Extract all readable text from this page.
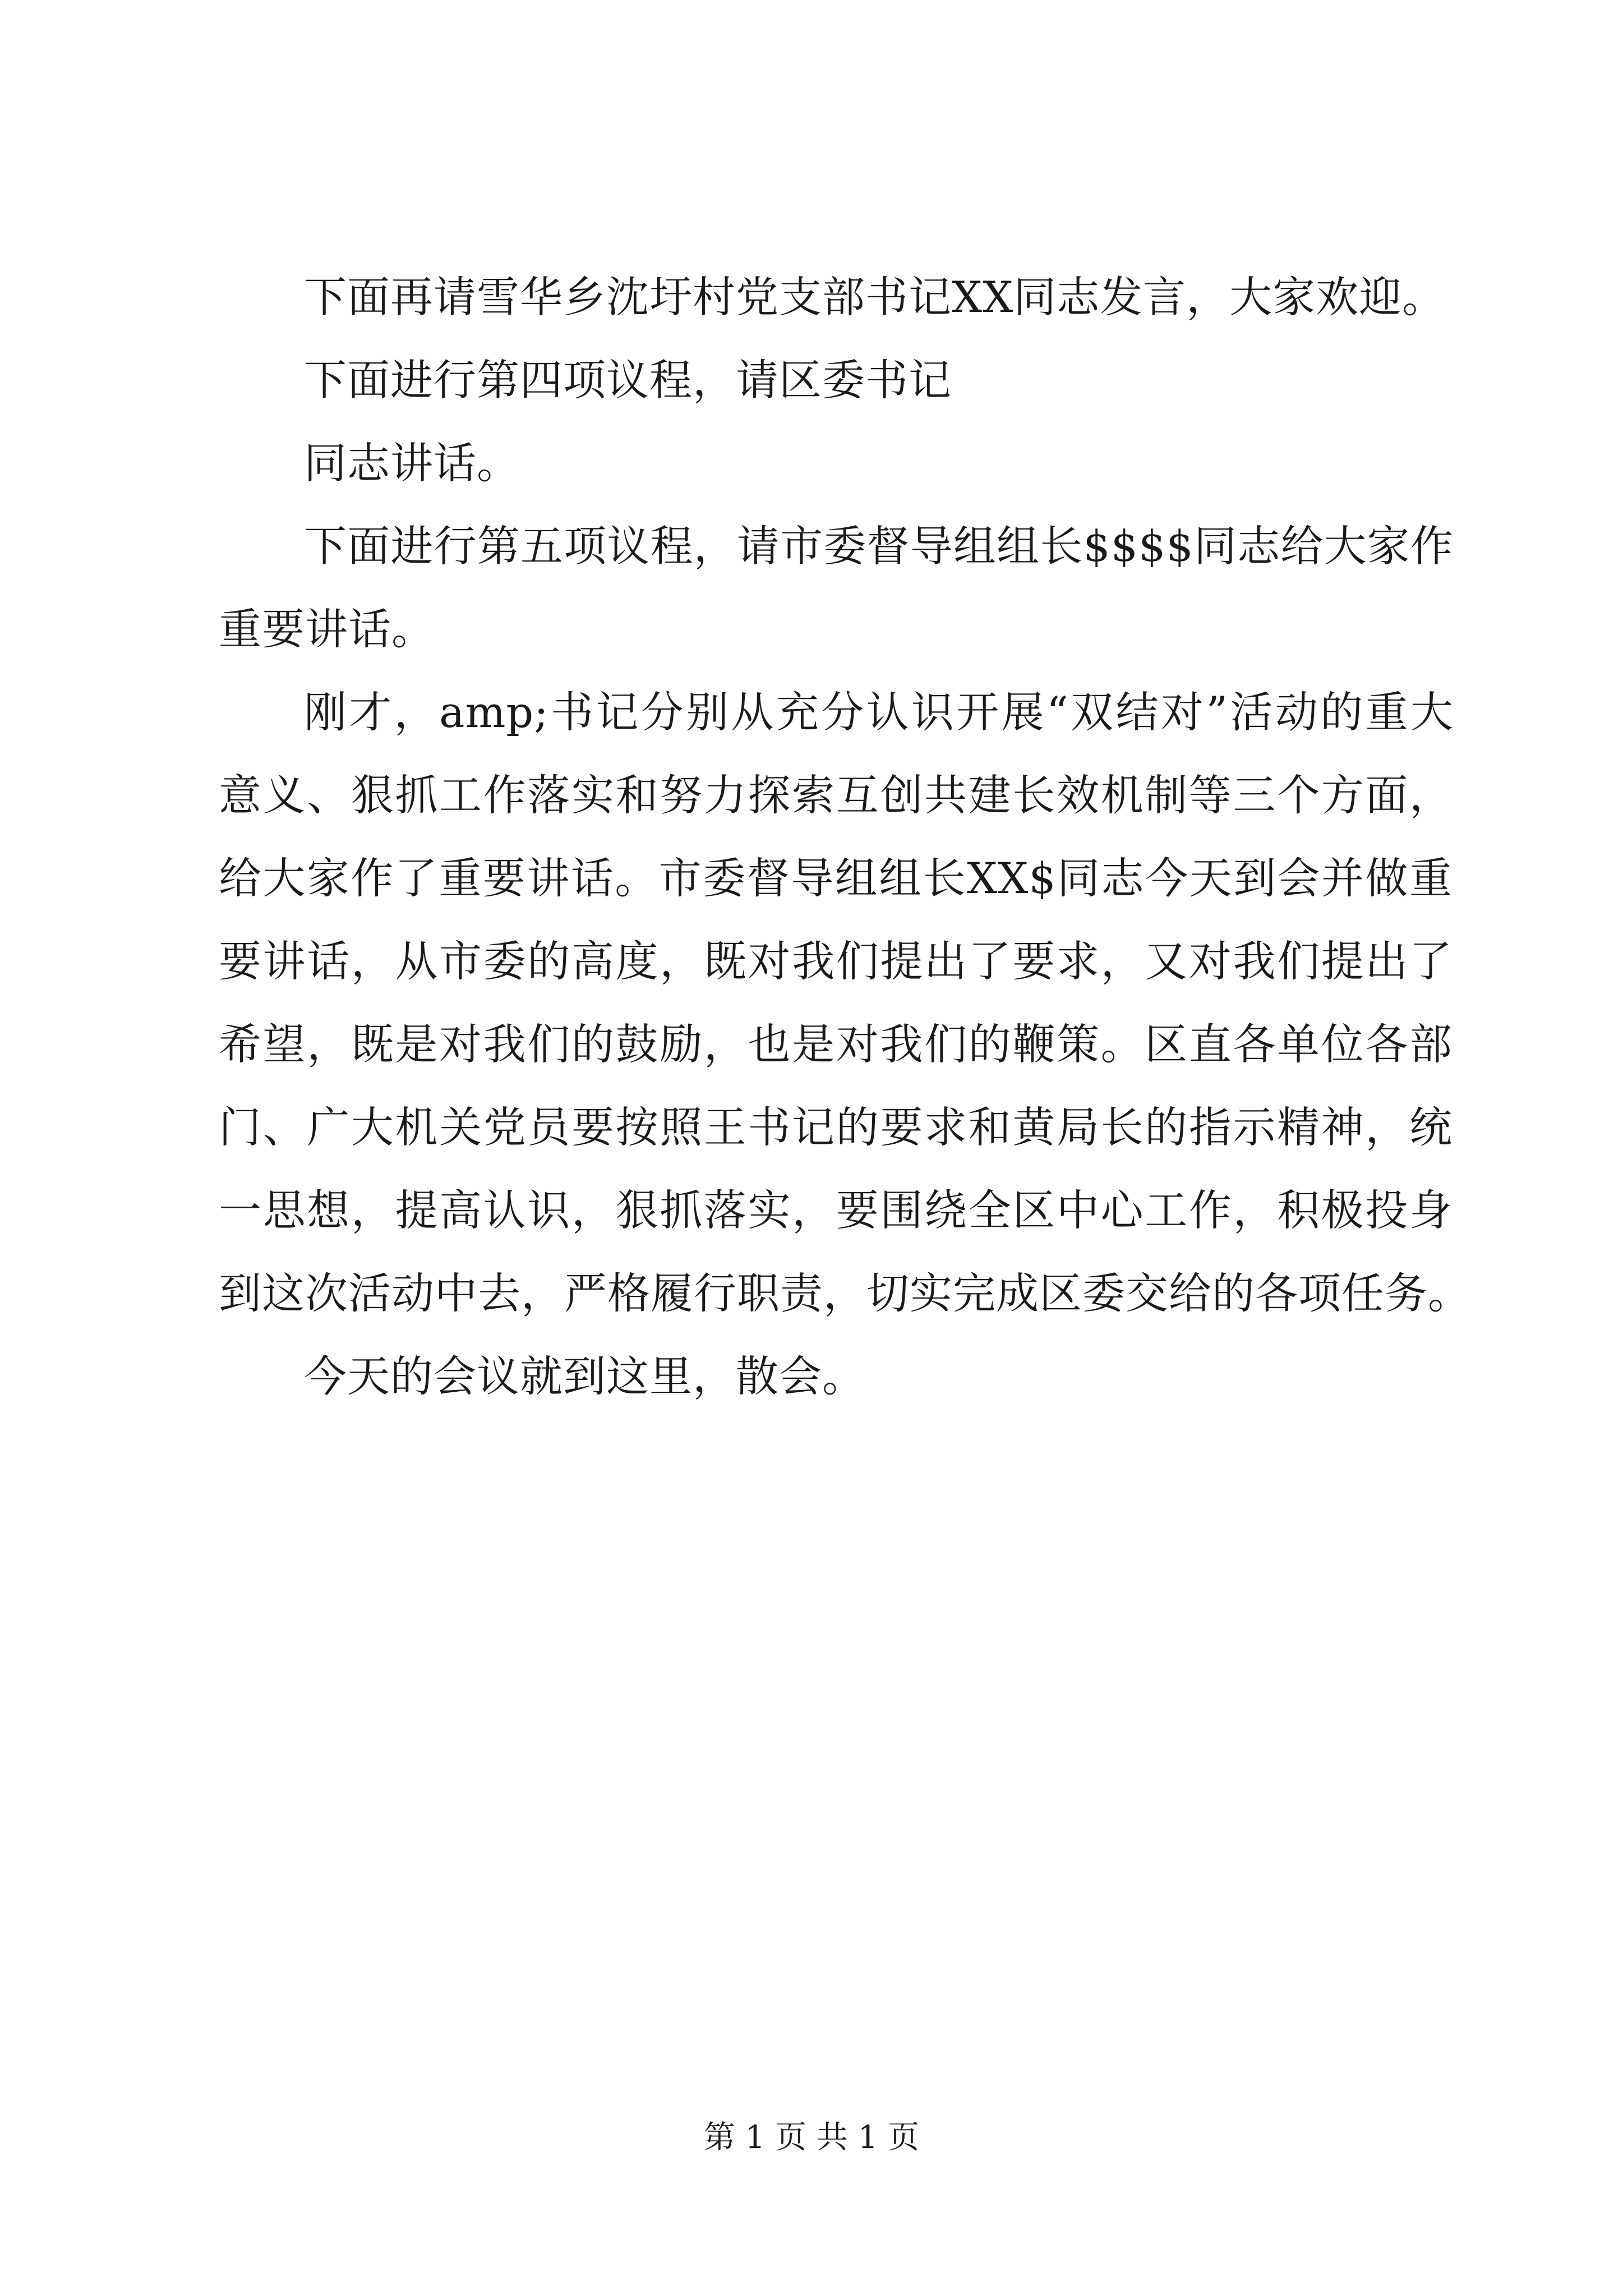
下面再请雪华乡沈圩村党支部书记XX同志发言，大家欢迎。
下面进行第四项议程，请区委书记
同志讲话。
下面进行第五项议程，请市委督导组组长$$$$同志给大家作
重要讲话。
刚才，amp;书记分别从充分认识开展“双结对”活动的重大
意义、狠抓工作落实和努力探索互创共建长效机制等三个方面，
给大家作了重要讲话。市委督导组组长XX$同志今天到会并做重
要讲话，从市委的高度，既对我们提出了要求，又对我们提出了
希望，既是对我们的鼓励，也是对我们的鞭策。区直各单位各部
门、广大机关党员要按照王书记的要求和黄局长的指示精神，统
一思想，提高认识，狠抓落实，要围绕全区中心工作，积极投身
到这次活动中去，严格履行职责，切实完成区委交给的各项任务。
今天的会议就到这里，散会。
第 1 页 共 1 页
